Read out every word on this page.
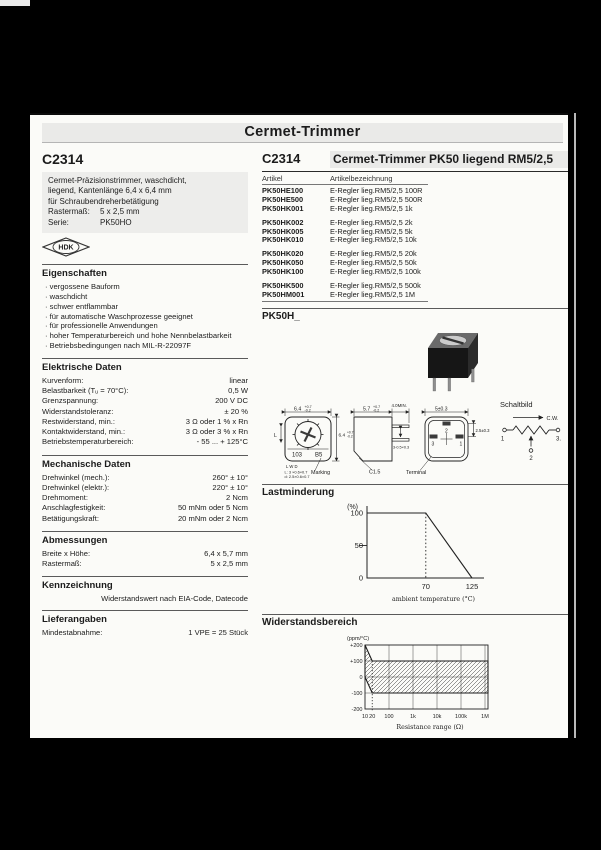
Cermet-Trimmer
C2314
Cermet-Präzisionstrimmer, waschdicht,
liegend, Kantenlänge 6,4 x 6,4 mm
für Schraubendreherbetätigung
Rastermaß:	5 x 2,5 mm
Serie:	PK50HO
HDK
Eigenschaften
· vergossene Bauform
· waschdicht
· schwer entflammbar
· für automatische Waschprozesse geeignet
· für professionelle Anwendungen
· hoher Temperaturbereich und hohe Nennbelastbarkeit
· Betriebsbedingungen nach MIL-R-22097F
Elektrische Daten
Kurvenform:	linear
Belastbarkeit (Tᵤ = 70°C):	0,5 W
Grenzspannung:	200 V DC
Widerstandstoleranz:	± 20 %
Restwiderstand, min.:	3 Ω oder 1 % x Rn
Kontaktwiderstand, min.:	3 Ω oder 3 % x Rn
Betriebstemperaturbereich:	- 55 ... + 125°C
Mechanische Daten
Drehwinkel (mech.):	260° ± 10°
Drehwinkel (elektr.):	220° ± 10°
Drehmoment:	2 Ncm
Anschlagfestigkeit:	50 mNm oder 5 Ncm
Betätigungskraft:	20 mNm oder 2 Ncm
Abmessungen
Breite x Höhe:	6,4 x 5,7 mm
Rastermaß:	5 x 2,5 mm
Kennzeichnung
Widerstandswert nach EIA-Code, Datecode
Lieferangaben
Mindestabnahme:	1 VPE = 25 Stück
C2314	Cermet-Trimmer PK50 liegend RM5/2,5
Artikel	Artikelbezeichnung
PK50HE100	E-Regler lieg.RM5/2,5 100R
PK50HE500	E-Regler lieg.RM5/2,5 500R
PK50HK001	E-Regler lieg.RM5/2,5 1k
PK50HK002	E-Regler lieg.RM5/2,5 2k
PK50HK005	E-Regler lieg.RM5/2,5 5k
PK50HK010	E-Regler lieg.RM5/2,5 10k
PK50HK020	E-Regler lieg.RM5/2,5 20k
PK50HK050	E-Regler lieg.RM5/2,5 50k
PK50HK100	E-Regler lieg.RM5/2,5 100k
PK50HK500	E-Regler lieg.RM5/2,5 500k
PK50HM001	E-Regler lieg.RM5/2,5 1M
PK50H_
6.4 +0.7
-0.2
6.4
+0.7
-0.2
L
103 B5
L W D
L: 3 ×0.6×0.7
d: 2.5×0.6×0.7
Marking
5.7 +0.7
-0.2
4.0MIN.
3-0.5×0.3
C1.5
5±0.3
2.5±0.3
2
3	1
Terminal
Schaltbild
C.W.
1	3.
2
Lastminderung
0
50
100
70	125
(%)
ambient temperature (°C)
Widerstandsbereich
+200
+100
0
-100
-200
10 20 100	1k	10k 100k	1M
(ppm/°C)
Resistance range (Ω)
